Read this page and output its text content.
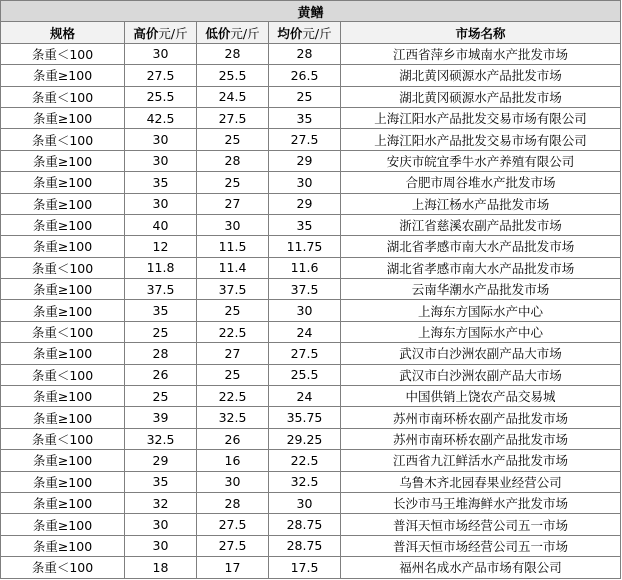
黄鳝				
规格	高价元/斤	低价元/斤	均价元/斤	市场名称
条重＜100	30	28	28	江西省萍乡市城南水产批发市场
条重≥100	27.5	25.5	26.5	湖北黄冈硕源水产品批发市场
条重＜100	25.5	24.5	25	湖北黄冈硕源水产品批发市场
条重≥100	42.5	27.5	35	上海江阳水产品批发交易市场有限公司
条重＜100	30	25	27.5	上海江阳水产品批发交易市场有限公司
条重≥100	30	28	29	安庆市皖宜季牛水产养殖有限公司
条重≥100	35	25	30	合肥市周谷堆水产批发市场
条重≥100	30	27	29	上海江杨水产品批发市场
条重≥100	40	30	35	浙江省慈溪农副产品批发市场
条重≥100	12	11.5	11.75	湖北省孝感市南大水产品批发市场
条重＜100	11.8	11.4	11.6	湖北省孝感市南大水产品批发市场
条重≥100	37.5	37.5	37.5	云南华潮水产品批发市场
条重≥100	35	25	30	上海东方国际水产中心
条重＜100	25	22.5	24	上海东方国际水产中心
条重≥100	28	27	27.5	武汉市白沙洲农副产品大市场
条重＜100	26	25	25.5	武汉市白沙洲农副产品大市场
条重≥100	25	22.5	24	中国供销上饶农产品交易城
条重≥100	39	32.5	35.75	苏州市南环桥农副产品批发市场
条重＜100	32.5	26	29.25	苏州市南环桥农副产品批发市场
条重≥100	29	16	22.5	江西省九江鲜活水产品批发市场
条重≥100	35	30	32.5	乌鲁木齐北园春果业经营公司
条重≥100	32	28	30	长沙市马王堆海鲜水产批发市场
条重≥100	30	27.5	28.75	普洱天恒市场经营公司五一市场
条重≥100	30	27.5	28.75	普洱天恒市场经营公司五一市场
条重＜100	18	17	17.5	福州名成水产品市场有限公司
